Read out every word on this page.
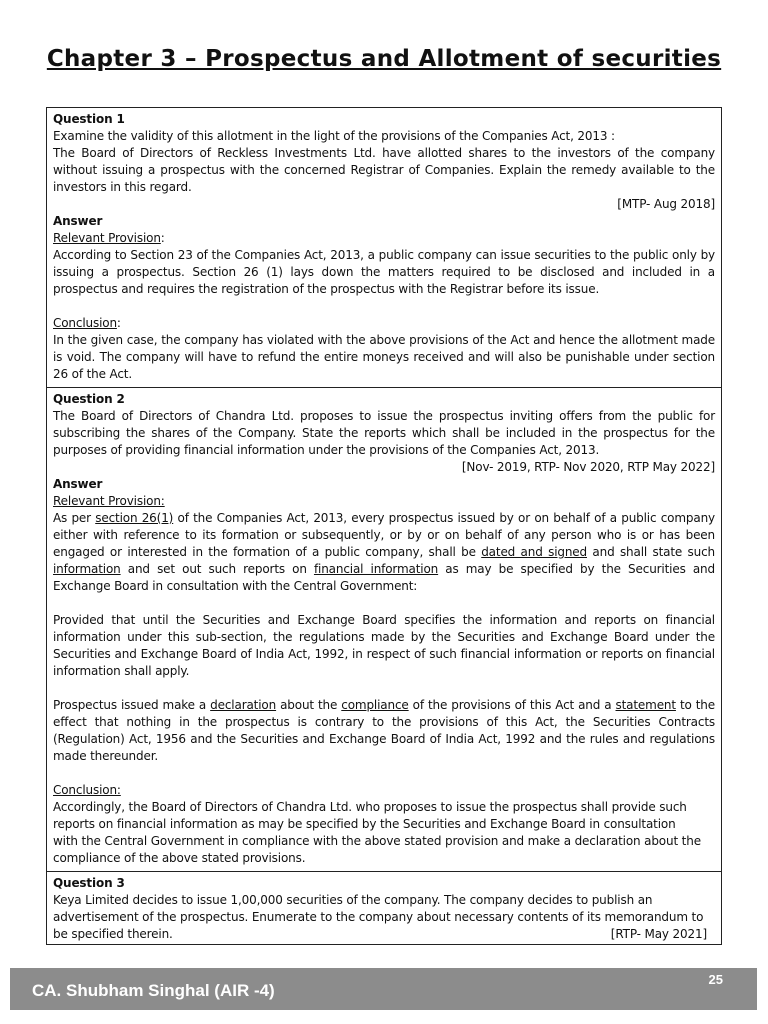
Chapter 3 – Prospectus and Allotment of securities

Question 1

Examine the validity of this allotment in the light of the provisions of the Companies Act, 2013 :

The Board of Directors of Reckless Investments Ltd. have allotted shares to the investors of the company without issuing a prospectus with the concerned Registrar of Companies. Explain the remedy available to the investors in this regard.

[MTP- Aug 2018]

Answer

Relevant Provision:

According to Section 23 of the Companies Act, 2013, a public company can issue securities to the public only by issuing a prospectus. Section 26 (1) lays down the matters required to be disclosed and included in a prospectus and requires the registration of the prospectus with the Registrar before its issue.

Conclusion:

In the given case, the company has violated with the above provisions of the Act and hence the allotment made is void. The company will have to refund the entire moneys received and will also be punishable under section 26 of the Act.

Question 2

The Board of Directors of Chandra Ltd. proposes to issue the prospectus inviting offers from the public for subscribing the shares of the Company. State the reports which shall be included in the prospectus for the purposes of providing financial information under the provisions of the Companies Act, 2013.

[Nov- 2019, RTP- Nov 2020, RTP May 2022]

Answer

Relevant Provision:

As per section 26(1) of the Companies Act, 2013, every prospectus issued by or on behalf of a public company either with reference to its formation or subsequently, or by or on behalf of any person who is or has been engaged or interested in the formation of a public company, shall be dated and signed and shall state such information and set out such reports on financial information as may be specified by the Securities and Exchange Board in consultation with the Central Government:

Provided that until the Securities and Exchange Board specifies the information and reports on financial information under this sub-section, the regulations made by the Securities and Exchange Board under the Securities and Exchange Board of India Act, 1992, in respect of such financial information or reports on financial information shall apply.

Prospectus issued make a declaration about the compliance of the provisions of this Act and a statement to the effect that nothing in the prospectus is contrary to the provisions of this Act, the Securities Contracts (Regulation) Act, 1956 and the Securities and Exchange Board of India Act, 1992 and the rules and regulations made thereunder.

Conclusion:

Accordingly, the Board of Directors of Chandra Ltd. who proposes to issue the prospectus shall provide such

reports on financial information as may be specified by the Securities and Exchange Board in consultation

with the Central Government in compliance with the above stated provision and make a declaration about the

compliance of the above stated provisions.

Question 3

Keya Limited decides to issue 1,00,000 securities of the company. The company decides to publish an

advertisement of the prospectus. Enumerate to the company about necessary contents of its memorandum to

be specified therein.	[RTP- May 2021]

CA. Shubham Singhal (AIR -4)
25
